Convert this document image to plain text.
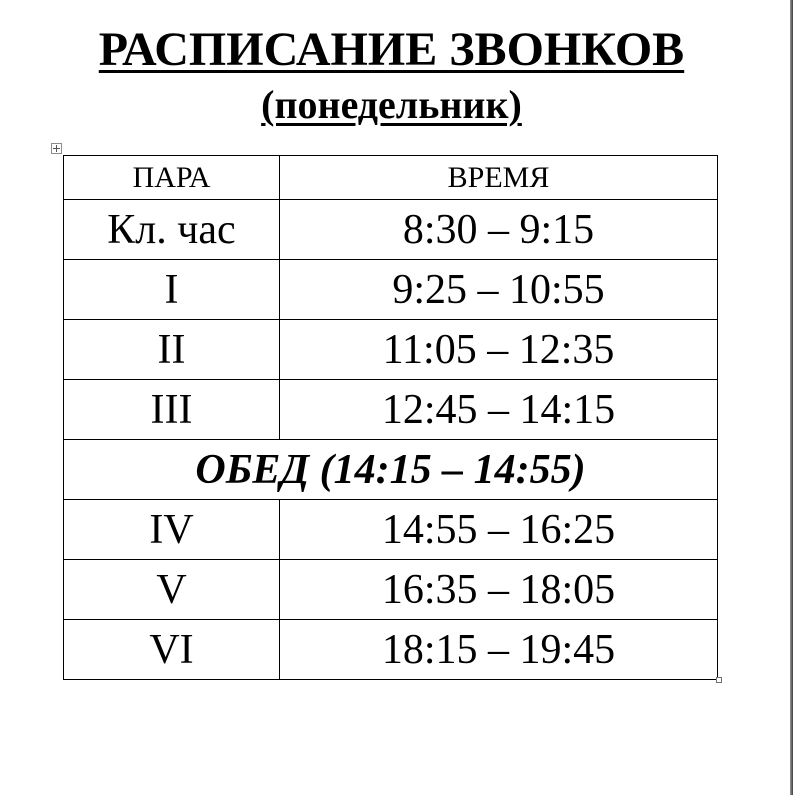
РАСПИСАНИЕ ЗВОНКОВ
(понедельник)
ПАРА	ВРЕМЯ
Кл. час	8:30 – 9:15
I	9:25 – 10:55
II	11:05 – 12:35
III	12:45 – 14:15
ОБЕД (14:15 – 14:55)	
IV	14:55 – 16:25
V	16:35 – 18:05
VI	18:15 – 19:45
